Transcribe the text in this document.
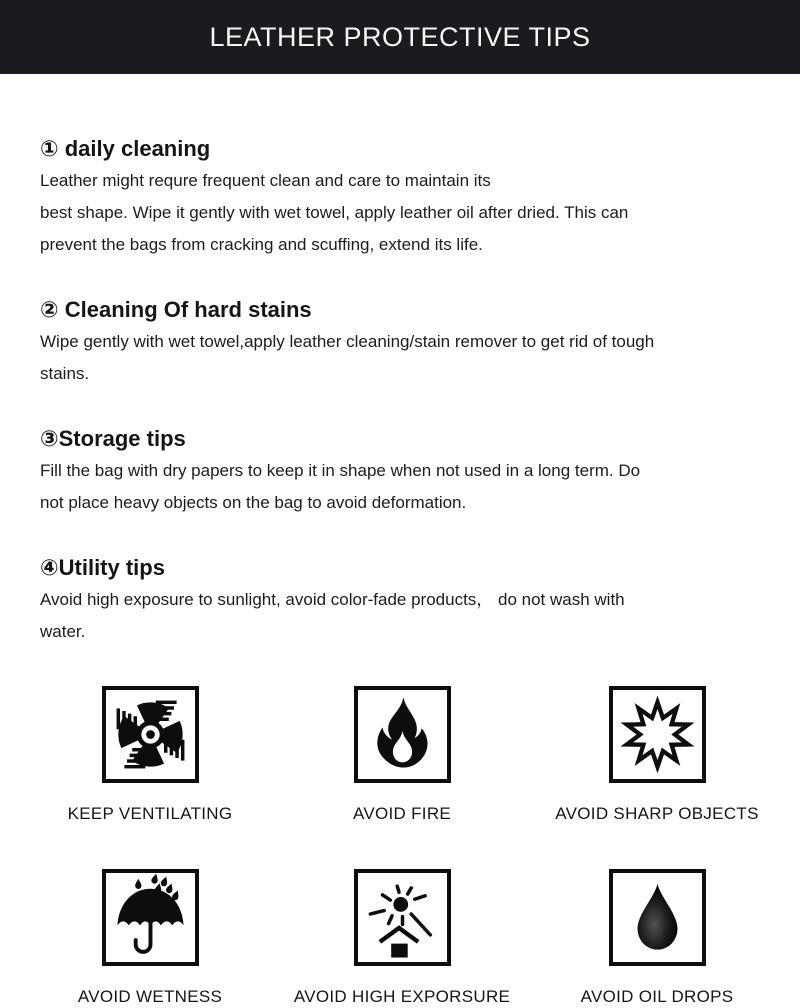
LEATHER PROTECTIVE TIPS
① daily cleaning
Leather might requre frequent clean and care to maintain its
best shape. Wipe it gently with wet towel, apply leather oil after dried. This can
prevent the bags from cracking and scuffing, extend its life.
② Cleaning Of hard stains
Wipe gently with wet towel,apply leather cleaning/stain remover to get rid of tough
stains.
③Storage tips
Fill the bag with dry papers to keep it in shape when not used in a long term. Do
not place heavy objects on the bag to avoid deformation.
④Utility tips
Avoid high exposure to sunlight, avoid color-fade products， do not wash with
water.
KEEP VENTILATING	AVOID FIRE	AVOID SHARP OBJECTS
AVOID WETNESS	AVOID HIGH EXPORSURE	AVOID OIL DROPS
